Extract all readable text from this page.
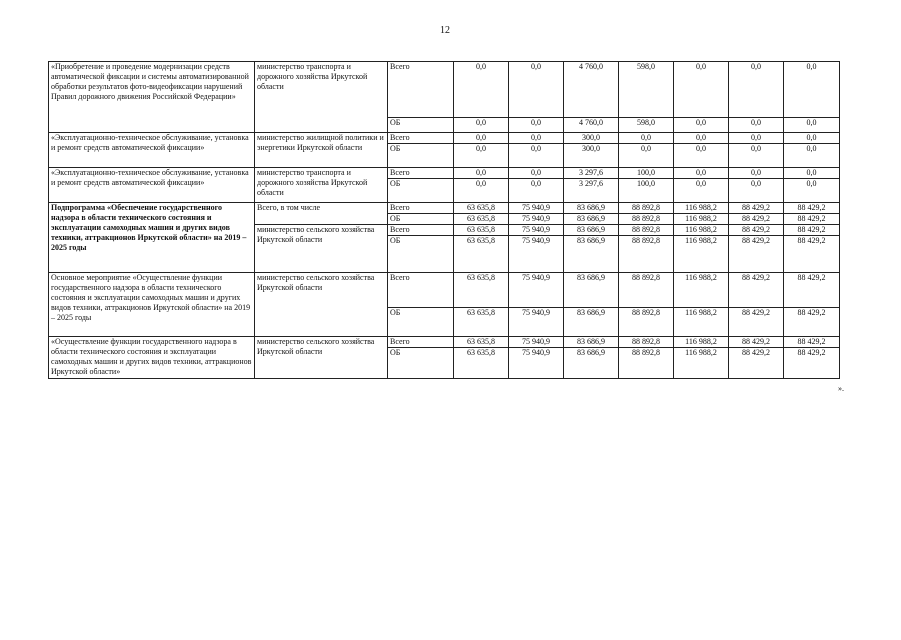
12
«Приобретение и проведение модернизации средств автоматической фиксации и системы автоматизированной обработки результатов фото-видеофиксации нарушений Правил дорожного движения Российской Федерации»	министерство транспорта и дорожного хозяйства Иркутской области	Всего	0,0	0,0	4 760,0	598,0	0,0	0,0	0,0
		ОБ	0,0	0,0	4 760,0	598,0	0,0	0,0	0,0
«Эксплуатационно-техническое обслуживание, установка и ремонт средств автоматической фиксации»	министерство жилищной политики и энергетики Иркутской области	Всего	0,0	0,0	300,0	0,0	0,0	0,0	0,0
		ОБ	0,0	0,0	300,0	0,0	0,0	0,0	0,0
«Эксплуатационно-техническое обслуживание, установка и ремонт средств автоматической фиксации»	министерство транспорта и дорожного хозяйства Иркутской области	Всего	0,0	0,0	3 297,6	100,0	0,0	0,0	0,0
		ОБ	0,0	0,0	3 297,6	100,0	0,0	0,0	0,0
Подпрограмма «Обеспечение государственного надзора в области технического состояния и эксплуатации самоходных машин и других видов техники, аттракционов Иркутской области» на 2019 – 2025 годы	Всего, в том числе	Всего	63 635,8	75 940,9	83 686,9	88 892,8	116 988,2	88 429,2	88 429,2
		ОБ	63 635,8	75 940,9	83 686,9	88 892,8	116 988,2	88 429,2	88 429,2
	министерство сельского хозяйства Иркутской области	Всего	63 635,8	75 940,9	83 686,9	88 892,8	116 988,2	88 429,2	88 429,2
		ОБ	63 635,8	75 940,9	83 686,9	88 892,8	116 988,2	88 429,2	88 429,2
Основное мероприятие «Осуществление функции государственного надзора в области технического состояния и эксплуатации самоходных машин и других видов техники, аттракционов Иркутской области» на 2019 – 2025 годы	министерство сельского хозяйства Иркутской области	Всего	63 635,8	75 940,9	83 686,9	88 892,8	116 988,2	88 429,2	88 429,2
		ОБ	63 635,8	75 940,9	83 686,9	88 892,8	116 988,2	88 429,2	88 429,2
«Осуществление функции государственного надзора в области технического состояния и эксплуатации самоходных машин и других видов техники, аттракционов Иркутской области»	министерство сельского хозяйства Иркутской области	Всего	63 635,8	75 940,9	83 686,9	88 892,8	116 988,2	88 429,2	88 429,2
		ОБ	63 635,8	75 940,9	83 686,9	88 892,8	116 988,2	88 429,2	88 429,2
».
